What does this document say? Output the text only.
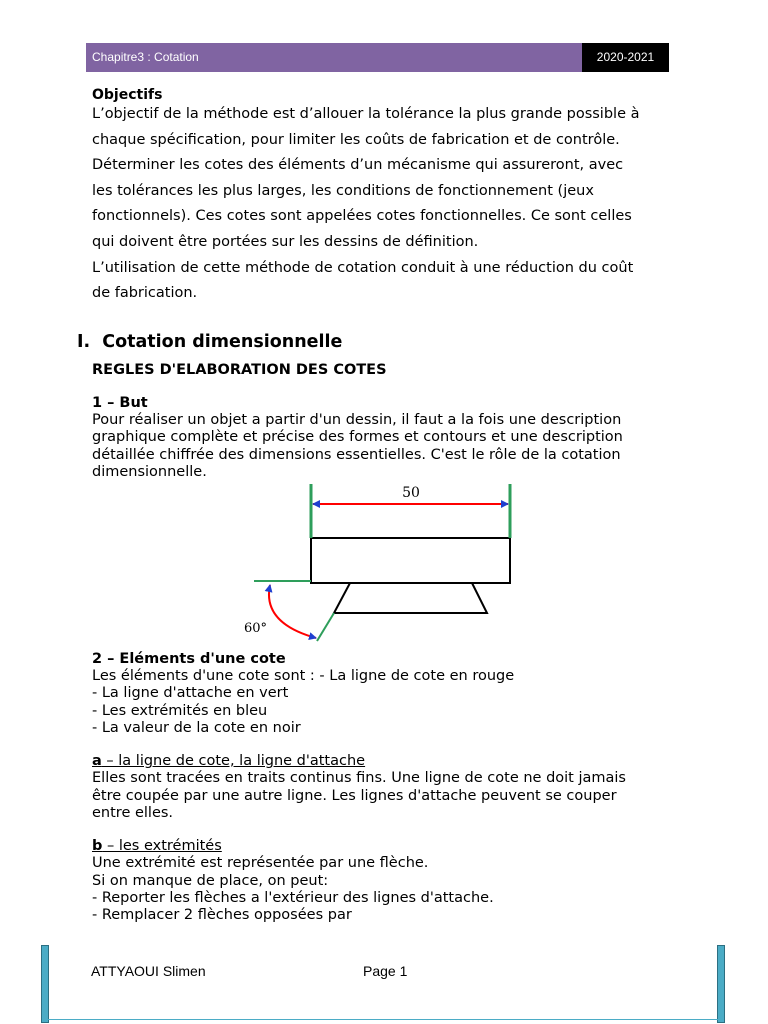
Chapitre3 : Cotation	2020-2021
Objectifs
L’objectif de la méthode est d’allouer la tolérance la plus grande possible à
chaque spécification, pour limiter les coûts de fabrication et de contrôle.
Déterminer les cotes des éléments d’un mécanisme qui assureront, avec
les tolérances les plus larges, les conditions de fonctionnement (jeux
fonctionnels). Ces cotes sont appelées cotes fonctionnelles. Ce sont celles
qui doivent être portées sur les dessins de définition.
L’utilisation de cette méthode de cotation conduit à une réduction du coût
de fabrication.
I. Cotation dimensionnelle
REGLES D'ELABORATION DES COTES
1 – But
Pour réaliser un objet a partir d'un dessin, il faut a la fois une description
graphique complète et précise des formes et contours et une description
détaillée chiffrée des dimensions essentielles. C'est le rôle de la cotation
dimensionnelle.
50
60°
2 – Eléments d'une cote
Les éléments d'une cote sont : - La ligne de cote en rouge
- La ligne d'attache en vert
- Les extrémités en bleu
- La valeur de la cote en noir
a – la ligne de cote, la ligne d'attache
Elles sont tracées en traits continus fins. Une ligne de cote ne doit jamais
être coupée par une autre ligne. Les lignes d'attache peuvent se couper
entre elles.
b – les extrémités
Une extrémité est représentée par une flèche.
Si on manque de place, on peut:
- Reporter les flèches a l'extérieur des lignes d'attache.
- Remplacer 2 flèches opposées par
ATTYAOUI Slimen	Page 1
